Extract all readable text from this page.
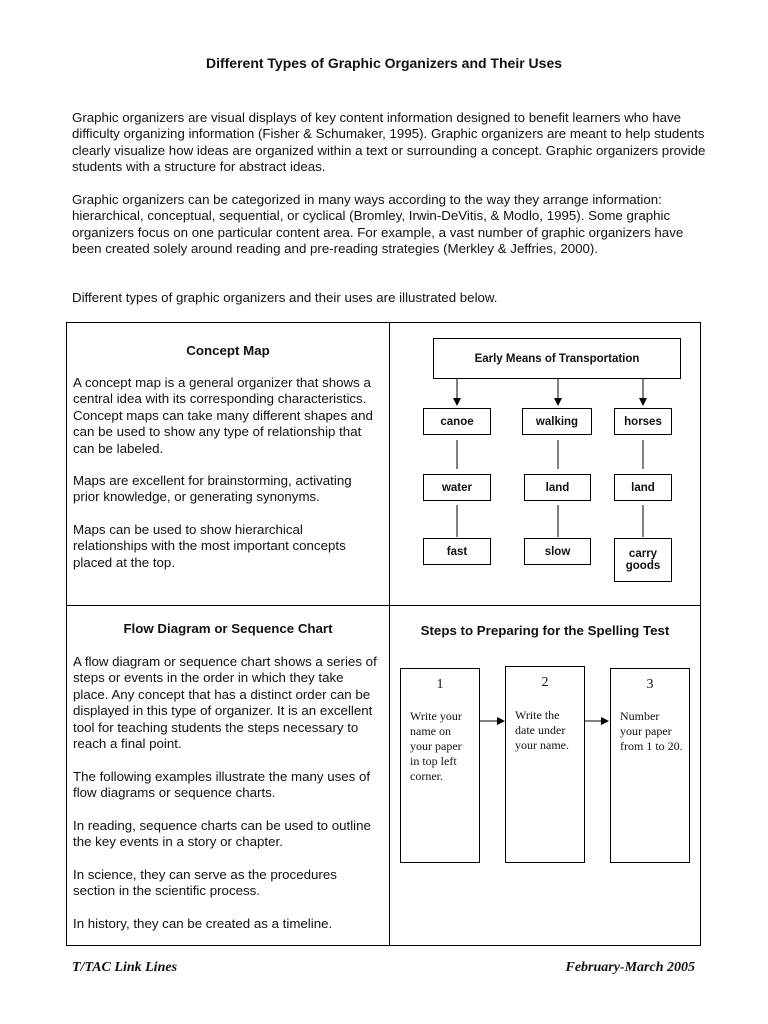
Different Types of Graphic Organizers and Their Uses

Graphic organizers are visual displays of key content information designed to benefit learners who have difficulty organizing information (Fisher & Schumaker, 1995). Graphic organizers are meant to help students clearly visualize how ideas are organized within a text or surrounding a concept. Graphic organizers provide students with a structure for abstract ideas.

Graphic organizers can be categorized in many ways according to the way they arrange information: hierarchical, conceptual, sequential, or cyclical (Bromley, Irwin-DeVitis, & Modlo, 1995). Some graphic organizers focus on one particular content area. For example, a vast number of graphic organizers have been created solely around reading and pre-reading strategies (Merkley & Jeffries, 2000).

Different types of graphic organizers and their uses are illustrated below.

Concept Map

A concept map is a general organizer that shows a central idea with its corresponding characteristics. Concept maps can take many different shapes and can be used to show any type of relationship that can be labeled.

Maps are excellent for brainstorming, activating prior knowledge, or generating synonyms.

Maps can be used to show hierarchical relationships with the most important concepts placed at the top.

Early Means of Transportation
canoe	walking	horses
water	land	land
fast	slow	carry goods
Flow Diagram or Sequence Chart

A flow diagram or sequence chart shows a series of steps or events in the order in which they take place. Any concept that has a distinct order can be displayed in this type of organizer. It is an excellent tool for teaching students the steps necessary to reach a final point.

The following examples illustrate the many uses of flow diagrams or sequence charts.

In reading, sequence charts can be used to outline the key events in a story or chapter.

In science, they can serve as the procedures section in the scientific process.

In history, they can be created as a timeline.

Steps to Preparing for the Spelling Test
1
Write your name on your paper in top left corner.
2
Write the date under your name.
3
Number your paper from 1 to 20.
T/TAC Link Lines	February-March 2005
